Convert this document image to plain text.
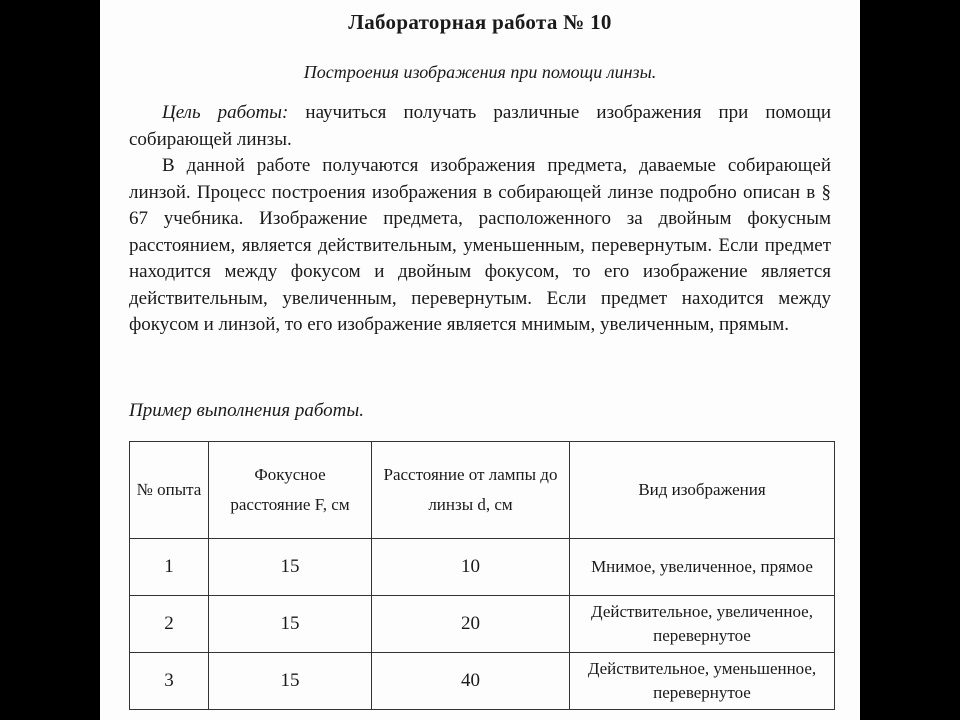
Лабораторная работа № 10
Построения изображения при помощи линзы.

Цель работы: научиться получать различные изображения при помощи собирающей линзы.

В данной работе получаются изображения предмета, даваемые собирающей линзой. Процесс построения изображения в собирающей линзе подробно описан в § 67 учебника. Изображение предмета, расположенного за двойным фокусным расстоянием, является действительным, уменьшенным, перевернутым. Если предмет находится между фокусом и двойным фокусом, то его изображение является действительным, увеличенным, перевернутым. Если предмет находится между фокусом и линзой, то его изображение является мнимым, увеличенным, прямым.

Пример выполнения работы.
№ опыта	Фокусное расстояние F, см	Расстояние от лампы до линзы d, см	Вид изображения
1	15	10	Мнимое, увеличенное, прямое
2	15	20	Действительное, увеличенное, перевернутое
3	15	40	Действительное, уменьшенное, перевернутое
